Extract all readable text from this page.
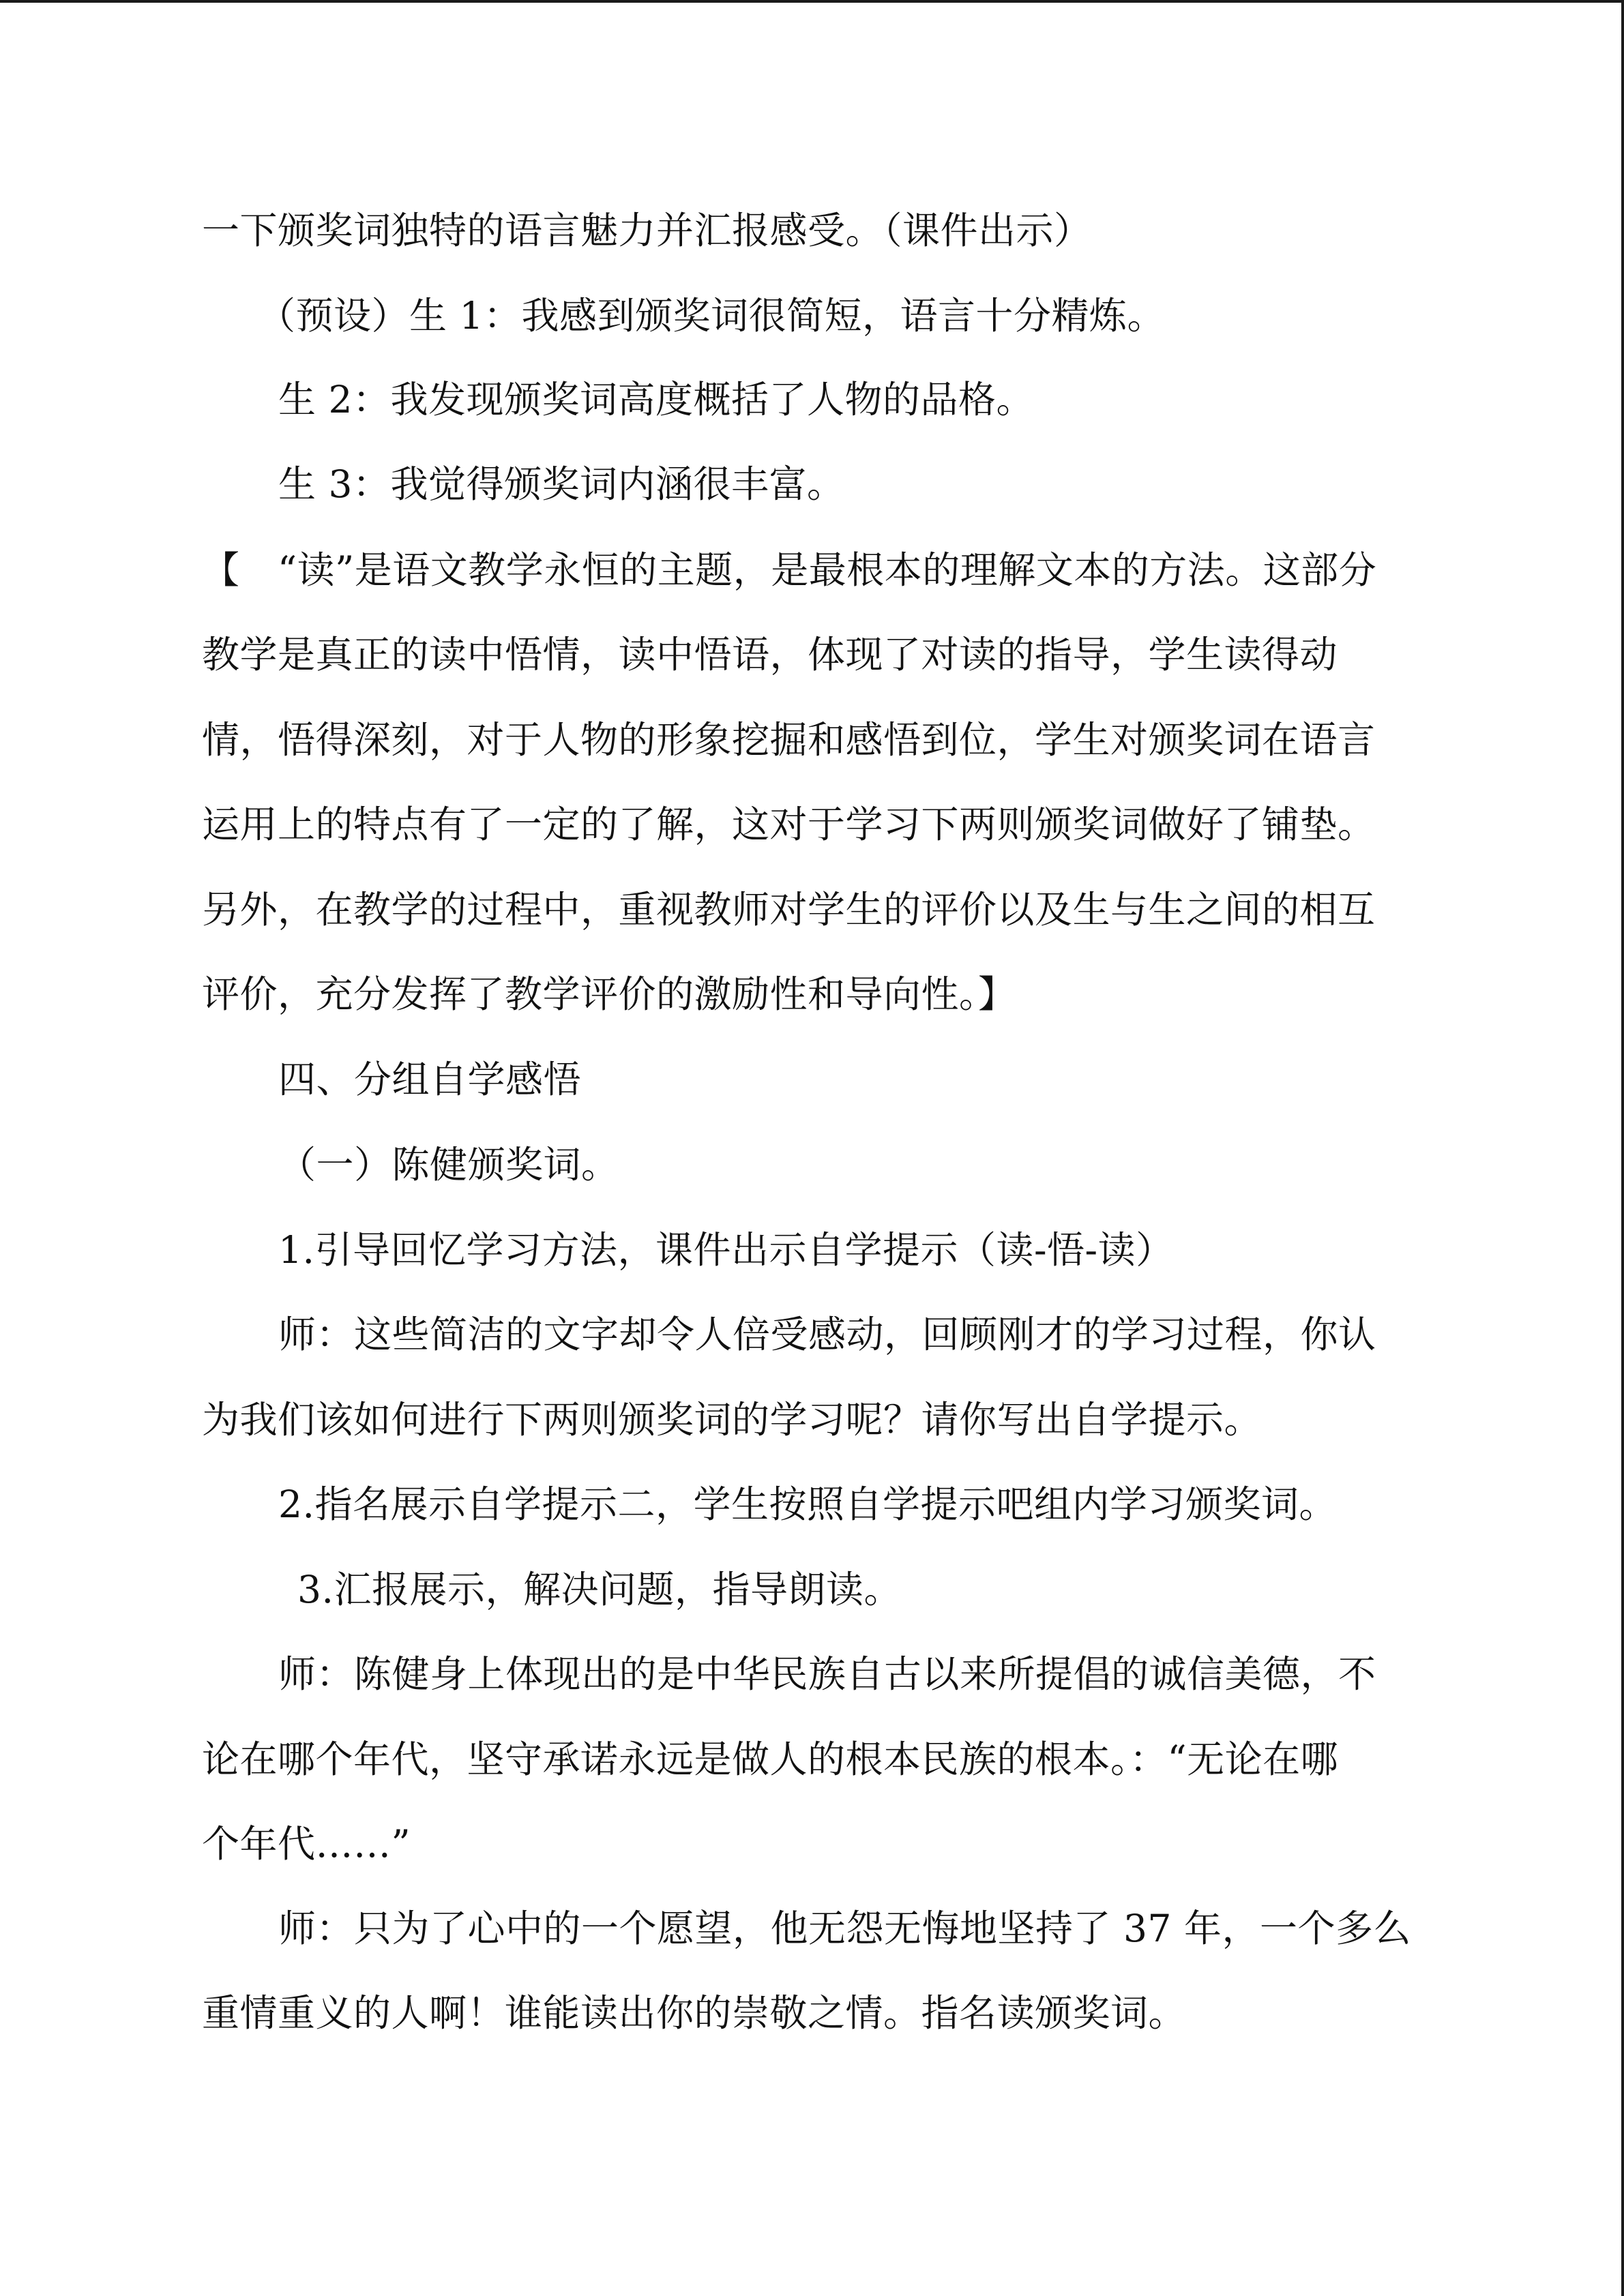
一下颁奖词独特的语言魅力并汇报感受。（课件出示）
（预设）生 1：我感到颁奖词很简短，语言十分精炼。
生 2：我发现颁奖词高度概括了人物的品格。
生 3：我觉得颁奖词内涵很丰富。
【　“读”是语文教学永恒的主题，是最根本的理解文本的方法。这部分
教学是真正的读中悟情，读中悟语，体现了对读的指导，学生读得动
情，悟得深刻，对于人物的形象挖掘和感悟到位，学生对颁奖词在语言
运用上的特点有了一定的了解，这对于学习下两则颁奖词做好了铺垫。
另外，在教学的过程中，重视教师对学生的评价以及生与生之间的相互
评价，充分发挥了教学评价的激励性和导向性。】
四、分组自学感悟
（一）陈健颁奖词。
1.引导回忆学习方法，课件出示自学提示（读-悟-读）
师：这些简洁的文字却令人倍受感动，回顾刚才的学习过程，你认
为我们该如何进行下两则颁奖词的学习呢？请你写出自学提示。
2.指名展示自学提示二，学生按照自学提示吧组内学习颁奖词。
3.汇报展示，解决问题，指导朗读。
师：陈健身上体现出的是中华民族自古以来所提倡的诚信美德，不
论在哪个年代，坚守承诺永远是做人的根本民族的根本。：“无论在哪
个年代……”
师：只为了心中的一个愿望，他无怨无悔地坚持了 37 年，一个多么
重情重义的人啊！谁能读出你的崇敬之情。指名读颁奖词。
